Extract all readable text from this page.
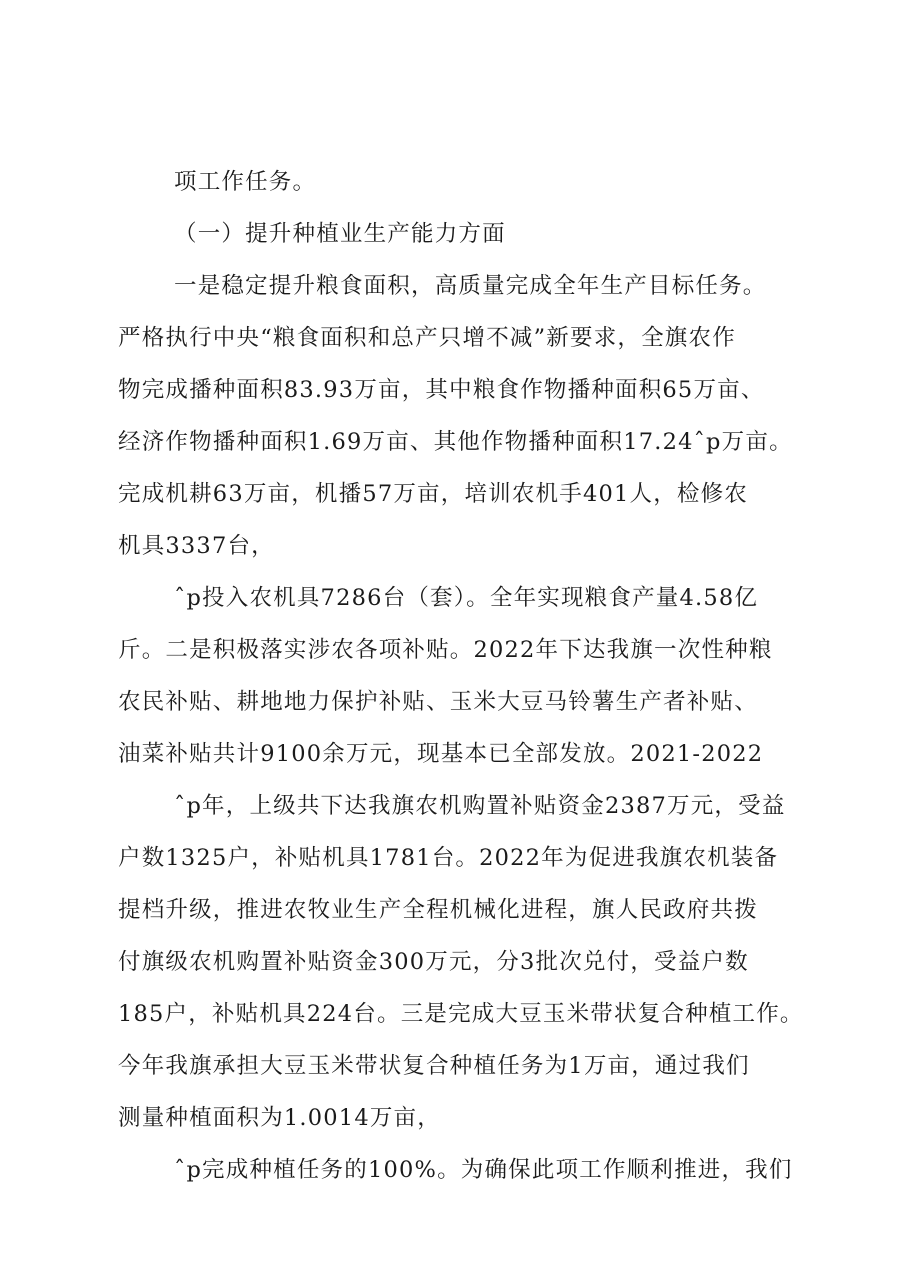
项工作任务。
（一）提升种植业生产能力方面
一是稳定提升粮食面积，高质量完成全年生产目标任务。
严格执行中央“粮食面积和总产只增不减”新要求，全旗农作
物完成播种面积83.93万亩，其中粮食作物播种面积65万亩、
经济作物播种面积1.69万亩、其他作物播种面积17.24ˆp万亩。
完成机耕63万亩，机播57万亩，培训农机手401人，检修农
机具3337台，
ˆp投入农机具7286台（套）。全年实现粮食产量4.58亿
斤。二是积极落实涉农各项补贴。2022年下达我旗一次性种粮
农民补贴、耕地地力保护补贴、玉米大豆马铃薯生产者补贴、
油菜补贴共计9100余万元，现基本已全部发放。2021-2022
ˆp年，上级共下达我旗农机购置补贴资金2387万元，受益
户数1325户，补贴机具1781台。2022年为促进我旗农机装备
提档升级，推进农牧业生产全程机械化进程，旗人民政府共拨
付旗级农机购置补贴资金300万元，分3批次兑付，受益户数
185户，补贴机具224台。三是完成大豆玉米带状复合种植工作。
今年我旗承担大豆玉米带状复合种植任务为1万亩，通过我们
测量种植面积为1.0014万亩，
ˆp完成种植任务的100%。为确保此项工作顺利推进，我们
